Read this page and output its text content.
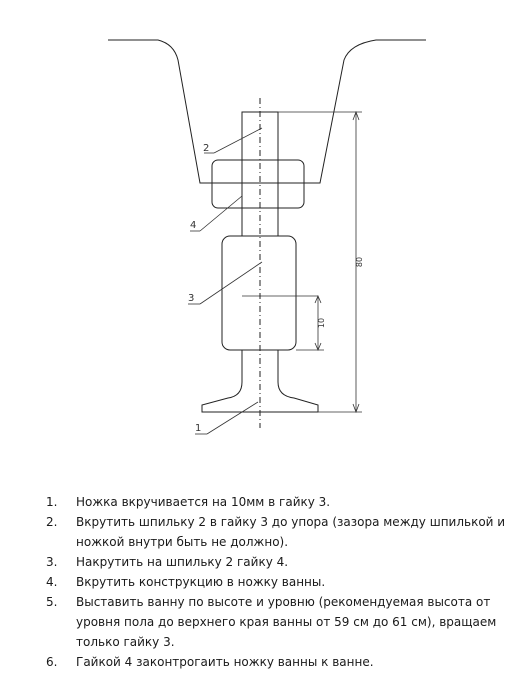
80
10
2
4
3
1
1. Ножка вкручивается на 10мм в гайку 3.
2. Вкрутить шпильку 2 в гайку 3 до упора (зазора между шпилькой и ножкой внутри быть не должно).
3. Накрутить на шпильку 2 гайку 4.
4. Вкрутить конструкцию в ножку ванны.
5. Выставить ванну по высоте и уровню (рекомендуемая высота от уровня пола до верхнего края ванны от 59 см до 61 см), вращаем только гайку 3.
6. Гайкой 4 законтрогаить ножку ванны к ванне.
